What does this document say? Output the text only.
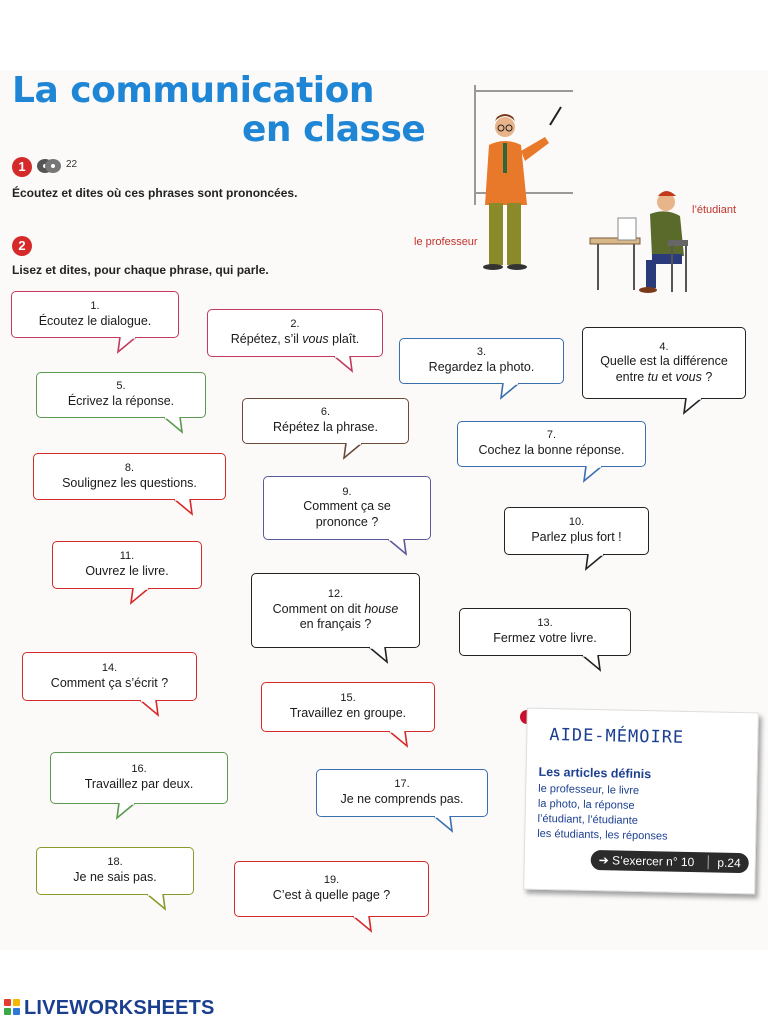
La communication
en classe
1	22
Écoutez et dites où ces phrases sont prononcées.
2
Lisez et dites, pour chaque phrase, qui parle.
le professeur
l’étudiant
1.
Écoutez le dialogue.	2.
Répétez, s’il vous plaît.
3.
Regardez la photo.
4.
Quelle est la différence
entre tu et vous ?
5.
Écrivez la réponse.
6.
Répétez la phrase.
7.
Cochez la bonne réponse.
8.
Soulignez les questions.
9.
Comment ça se
prononce ?	10.
Parlez plus fort !
11.
Ouvrez le livre.
12.
Comment on dit house
en français ?	13.
Fermez votre livre.
14.
Comment ça s’écrit ?
15.
Travaillez en groupe.
16.
Travaillez par deux.	17.
Je ne comprends pas.
18.
Je ne sais pas.	19.
C’est à quelle page ?
AIDE-MÉMOIRE
Les articles définis
le professeur, le livre
la photo, la réponse
l’étudiant, l’étudiante
les étudiants, les réponses
➔ S’exercer n° 10 p.24
LIVEWORKSHEETS
